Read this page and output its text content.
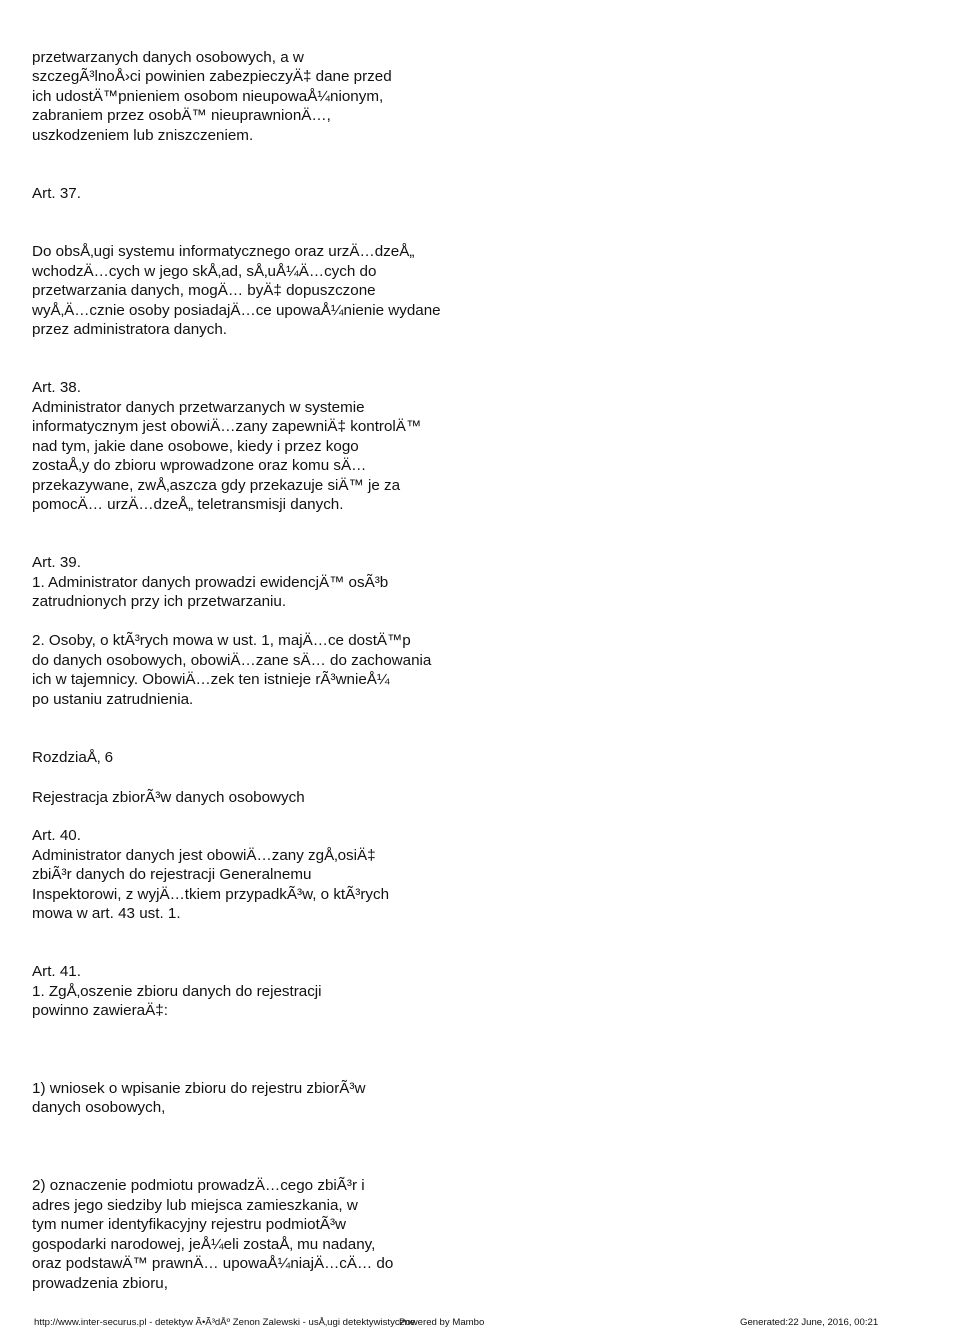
przetwarzanych danych osobowych, a w
szczegÃ³lnoÅ›ci powinien zabezpieczyÄ‡ dane przed
ich udostÄ™pnieniem osobom nieupowaÅ¼nionym,
zabraniem przez osobÄ™ nieuprawnionÄ…,
uszkodzeniem lub zniszczeniem.
Art. 37.
Do obsÅ‚ugi systemu informatycznego oraz urzÄ…dzeÅ„
wchodzÄ…cych w jego skÅ‚ad, sÅ‚uÅ¼Ä…cych do
przetwarzania danych, mogÄ… byÄ‡ dopuszczone
wyÅ‚Ä…cznie osoby posiadajÄ…ce upowaÅ¼nienie wydane
przez administratora danych.
Art. 38.
Administrator danych przetwarzanych w systemie
informatycznym jest obowiÄ…zany zapewniÄ‡ kontrolÄ™
nad tym, jakie dane osobowe, kiedy i przez kogo
zostaÅ‚y do zbioru wprowadzone oraz komu sÄ…
przekazywane, zwÅ‚aszcza gdy przekazuje siÄ™ je za
pomocÄ… urzÄ…dzeÅ„ teletransmisji danych.
Art. 39.
1. Administrator danych prowadzi ewidencjÄ™ osÃ³b
zatrudnionych przy ich przetwarzaniu.
2. Osoby, o ktÃ³rych mowa w ust. 1, majÄ…ce dostÄ™p
do danych osobowych, obowiÄ…zane sÄ… do zachowania
ich w tajemnicy. ObowiÄ…zek ten istnieje rÃ³wnieÅ¼
po ustaniu zatrudnienia.
RozdziaÅ‚ 6
Rejestracja zbiorÃ³w danych osobowych
Art. 40.
Administrator danych jest obowiÄ…zany zgÅ‚osiÄ‡
zbiÃ³r danych do rejestracji Generalnemu
Inspektorowi, z wyjÄ…tkiem przypadkÃ³w, o ktÃ³rych
mowa w art. 43 ust. 1.
Art. 41.
1. ZgÅ‚oszenie zbioru danych do rejestracji
powinno zawieraÄ‡:
1) wniosek o wpisanie zbioru do rejestru zbiorÃ³w
danych osobowych,
2) oznaczenie podmiotu prowadzÄ…cego zbiÃ³r i
adres jego siedziby lub miejsca zamieszkania, w
tym numer identyfikacyjny rejestru podmiotÃ³w
gospodarki narodowej, jeÅ¼eli zostaÅ‚ mu nadany,
oraz podstawÄ™ prawnÄ… upowaÅ¼niajÄ…cÄ… do
prowadzenia zbioru,
http://www.inter-securus.pl - detektyw Ã•Ã³dÅº Zenon Zalewski - usÅ‚ugi detektywistyczne
Powered by Mambo	Generated:22 June, 2016, 00:21
